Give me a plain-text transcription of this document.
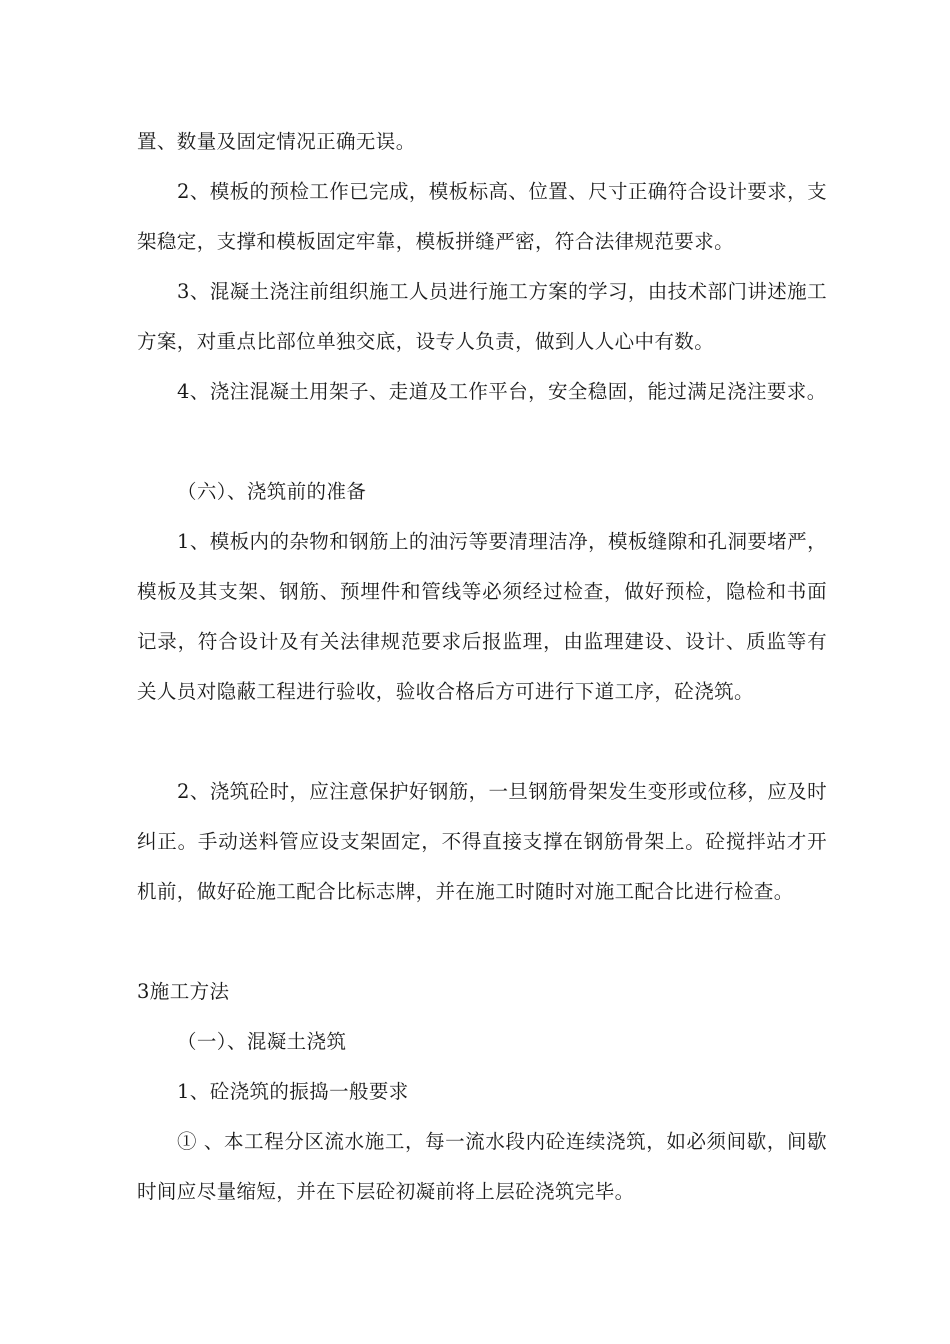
置、数量及固定情况正确无误。

2、模板的预检工作已完成，模板标高、位置、尺寸正确符合设计要求，支架稳定，支撑和模板固定牢靠，模板拼缝严密，符合法律规范要求。

3、混凝土浇注前组织施工人员进行施工方案的学习，由技术部门讲述施工方案，对重点比部位单独交底，设专人负责，做到人人心中有数。

4、浇注混凝土用架子、走道及工作平台，安全稳固，能过满足浇注要求。

（六）、浇筑前的准备

1、模板内的杂物和钢筋上的油污等要清理洁净，模板缝隙和孔洞要堵严，模板及其支架、钢筋、预埋件和管线等必须经过检查，做好预检，隐检和书面记录，符合设计及有关法律规范要求后报监理，由监理建设、设计、质监等有关人员对隐蔽工程进行验收，验收合格后方可进行下道工序，砼浇筑。

2、浇筑砼时，应注意保护好钢筋，一旦钢筋骨架发生变形或位移，应及时纠正。手动送料管应设支架固定，不得直接支撑在钢筋骨架上。砼搅拌站才开机前，做好砼施工配合比标志牌，并在施工时随时对施工配合比进行检查。

3施工方法

（一）、混凝土浇筑

1、砼浇筑的振捣一般要求

① 、本工程分区流水施工，每一流水段内砼连续浇筑，如必须间歇，间歇时间应尽量缩短，并在下层砼初凝前将上层砼浇筑完毕。
